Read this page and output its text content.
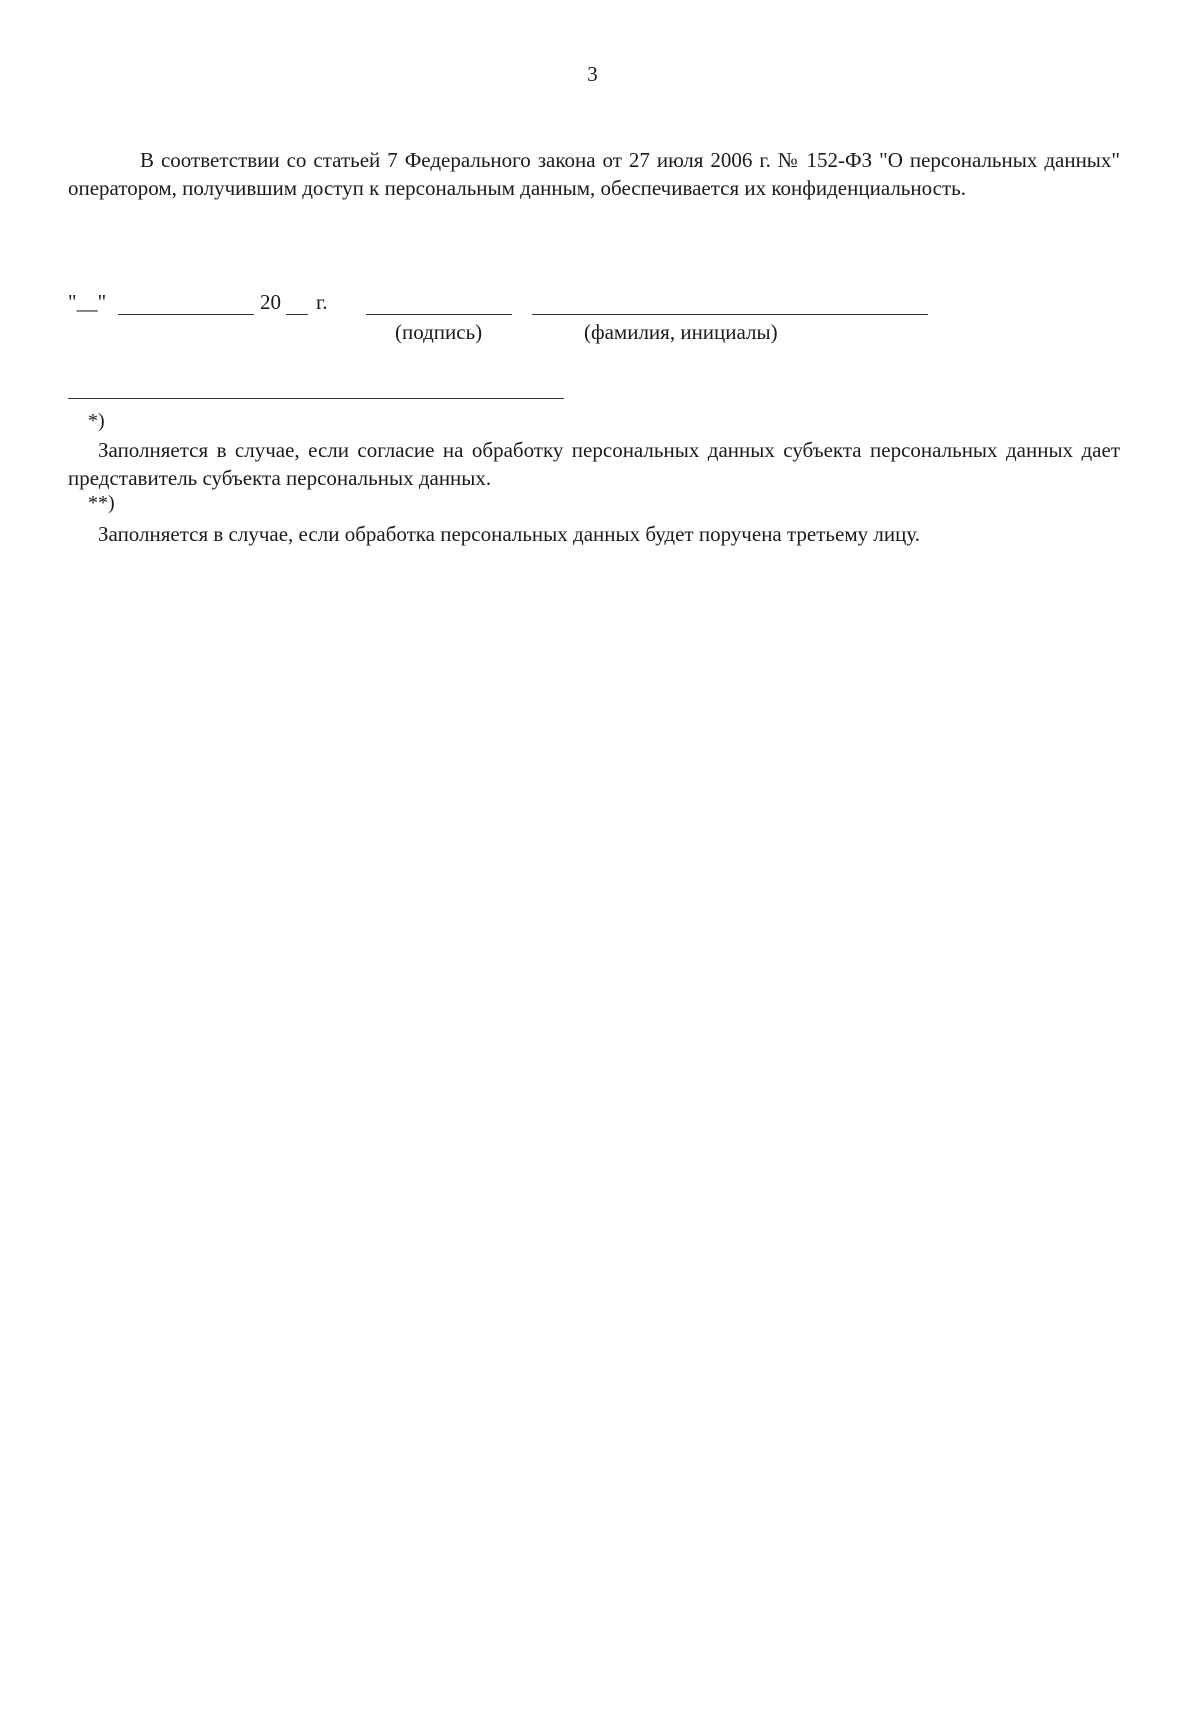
3

В соответствии со статьей 7 Федерального закона от 27 июля 2006 г. № 152-ФЗ "О персональных данных" оператором, получившим доступ к персональным данным, обеспечивается их конфиденциальность.

"__"	20 г.
(подпись)	(фамилия, инициалы)
*)

Заполняется в случае, если согласие на обработку персональных данных субъекта персональных данных дает представитель субъекта персональных данных.

**)

Заполняется в случае, если обработка персональных данных будет поручена третьему лицу.
